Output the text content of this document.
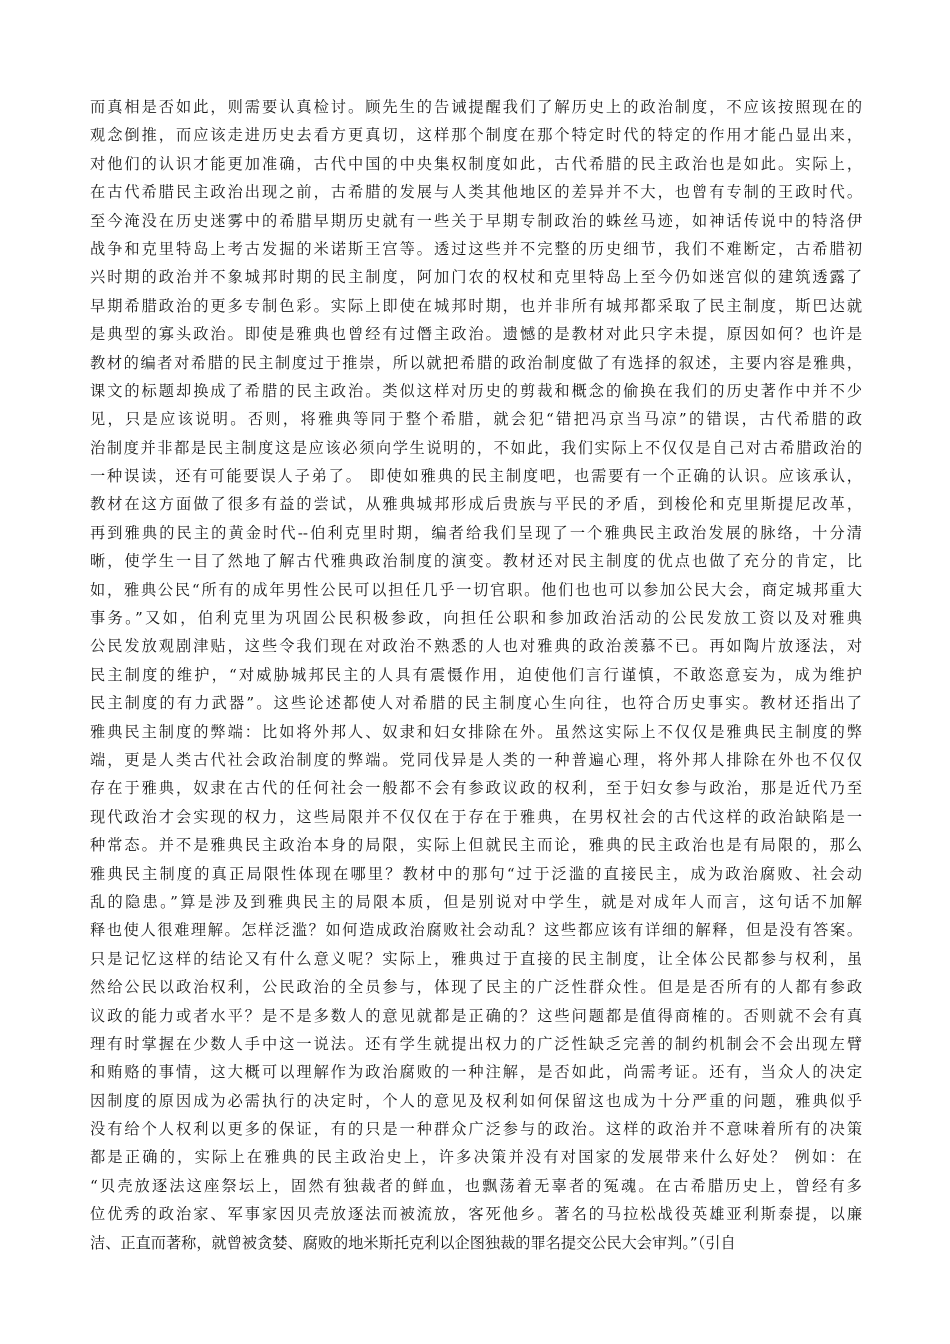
而真相是否如此，则需要认真检讨。顾先生的告诫提醒我们了解历史上的政治制度，不应该按照现在的
观念倒推，而应该走进历史去看方更真切，这样那个制度在那个特定时代的特定的作用才能凸显出来，
对他们的认识才能更加准确，古代中国的中央集权制度如此，古代希腊的民主政治也是如此。实际上，
在古代希腊民主政治出现之前，古希腊的发展与人类其他地区的差异并不大，也曾有专制的王政时代。
至今淹没在历史迷雾中的希腊早期历史就有一些关于早期专制政治的蛛丝马迹，如神话传说中的特洛伊
战争和克里特岛上考古发掘的米诺斯王宫等。透过这些并不完整的历史细节，我们不难断定，古希腊初
兴时期的政治并不象城邦时期的民主制度，阿加门农的权杖和克里特岛上至今仍如迷宫似的建筑透露了
早期希腊政治的更多专制色彩。实际上即使在城邦时期，也并非所有城邦都采取了民主制度，斯巴达就
是典型的寡头政治。即使是雅典也曾经有过僭主政治。遗憾的是教材对此只字未提，原因如何？也许是
教材的编者对希腊的民主制度过于推崇，所以就把希腊的政治制度做了有选择的叙述，主要内容是雅典，
课文的标题却换成了希腊的民主政治。类似这样对历史的剪裁和概念的偷换在我们的历史著作中并不少
见，只是应该说明。否则，将雅典等同于整个希腊，就会犯“错把冯京当马凉”的错误，古代希腊的政
治制度并非都是民主制度这是应该必须向学生说明的，不如此，我们实际上不仅仅是自己对古希腊政治的
一种误读，还有可能要误人子弟了。 即使如雅典的民主制度吧，也需要有一个正确的认识。应该承认，
教材在这方面做了很多有益的尝试，从雅典城邦形成后贵族与平民的矛盾，到梭伦和克里斯提尼改革，
再到雅典的民主的黄金时代--伯利克里时期，编者给我们呈现了一个雅典民主政治发展的脉络，十分清
晰，使学生一目了然地了解古代雅典政治制度的演变。教材还对民主制度的优点也做了充分的肯定，比
如，雅典公民“所有的成年男性公民可以担任几乎一切官职。他们也也可以参加公民大会，商定城邦重大
事务。”又如，伯利克里为巩固公民积极参政，向担任公职和参加政治活动的公民发放工资以及对雅典
公民发放观剧津贴，这些令我们现在对政治不熟悉的人也对雅典的政治羡慕不已。再如陶片放逐法，对
民主制度的维护，“对威胁城邦民主的人具有震慑作用，迫使他们言行谨慎，不敢恣意妄为，成为维护
民主制度的有力武器”。这些论述都使人对希腊的民主制度心生向往，也符合历史事实。教材还指出了
雅典民主制度的弊端：比如将外邦人、奴隶和妇女排除在外。虽然这实际上不仅仅是雅典民主制度的弊
端，更是人类古代社会政治制度的弊端。党同伐异是人类的一种普遍心理，将外邦人排除在外也不仅仅
存在于雅典，奴隶在古代的任何社会一般都不会有参政议政的权利，至于妇女参与政治，那是近代乃至
现代政治才会实现的权力，这些局限并不仅仅在于存在于雅典，在男权社会的古代这样的政治缺陷是一
种常态。并不是雅典民主政治本身的局限，实际上但就民主而论，雅典的民主政治也是有局限的，那么
雅典民主制度的真正局限性体现在哪里？教材中的那句“过于泛滥的直接民主，成为政治腐败、社会动
乱的隐患。”算是涉及到雅典民主的局限本质，但是别说对中学生，就是对成年人而言，这句话不加解
释也使人很难理解。怎样泛滥？如何造成政治腐败社会动乱？这些都应该有详细的解释，但是没有答案。
只是记忆这样的结论又有什么意义呢？实际上，雅典过于直接的民主制度，让全体公民都参与权利，虽
然给公民以政治权利，公民政治的全员参与，体现了民主的广泛性群众性。但是是否所有的人都有参政
议政的能力或者水平？是不是多数人的意见就都是正确的？这些问题都是值得商榷的。否则就不会有真
理有时掌握在少数人手中这一说法。还有学生就提出权力的广泛性缺乏完善的制约机制会不会出现左臂
和贿赂的事情，这大概可以理解作为政治腐败的一种注解，是否如此，尚需考证。还有，当众人的决定
因制度的原因成为必需执行的决定时，个人的意见及权利如何保留这也成为十分严重的问题，雅典似乎
没有给个人权利以更多的保证，有的只是一种群众广泛参与的政治。这样的政治并不意味着所有的决策
都是正确的，实际上在雅典的民主政治史上，许多决策并没有对国家的发展带来什么好处？ 例如：在
“贝壳放逐法这座祭坛上，固然有独裁者的鲜血，也飘荡着无辜者的冤魂。在古希腊历史上，曾经有多
位优秀的政治家、军事家因贝壳放逐法而被流放，客死他乡。著名的马拉松战役英雄亚利斯泰提，以廉
洁、正直而著称，就曾被贪婪、腐败的地米斯托克利以企图独裁的罪名提交公民大会审判。”（引自
